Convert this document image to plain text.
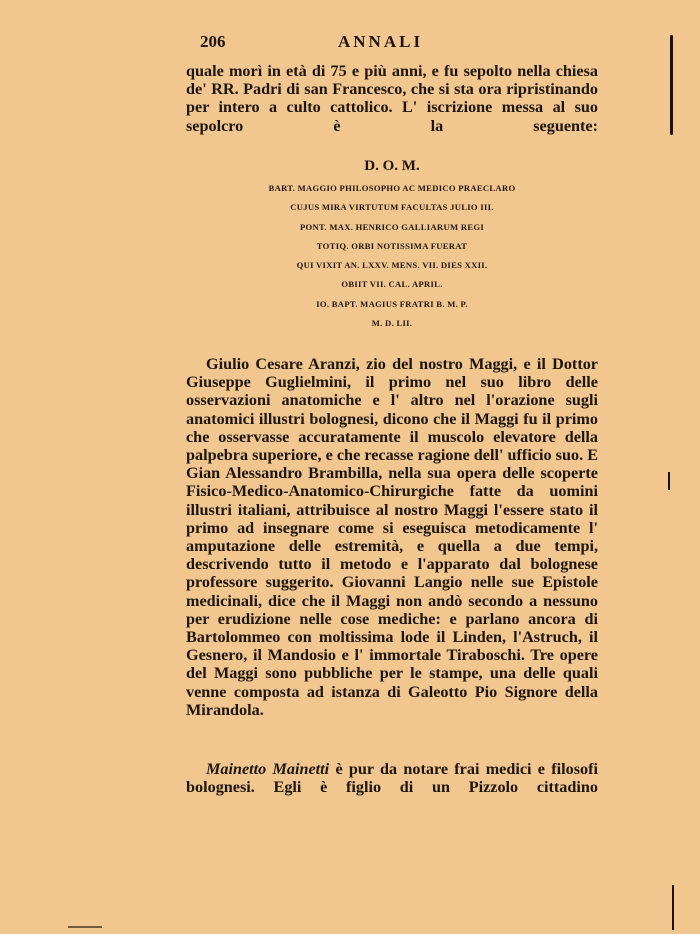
206	ANNALI

quale morì in età di 75 e più anni, e fu sepolto nella chiesa de' RR. Padri di san Francesco, che si sta ora ripristinando per intero a culto cattolico. L' iscrizione messa al suo sepolcro è la seguente:

D. O. M.
BART. MAGGIO PHILOSOPHO AC MEDICO PRAECLARO
CUJUS MIRA VIRTUTUM FACULTAS JULIO III.
PONT. MAX. HENRICO GALLIARUM REGI
TOTIQ. ORBI NOTISSIMA FUERAT
QUI VIXIT AN. LXXV. MENS. VII. DIES XXII.
OBIIT VII. CAL. APRIL.
IO. BAPT. MAGIUS FRATRI B. M. P.
M. D. LII.

Giulio Cesare Aranzi, zio del nostro Maggi, e il Dottor Giuseppe Guglielmini, il primo nel suo libro delle osservazioni anatomiche e l' altro nel l'orazione sugli anatomici illustri bolognesi, dicono che il Maggi fu il primo che osservasse accuratamente il muscolo elevatore della palpebra superiore, e che recasse ragione dell' ufficio suo. E Gian Alessandro Brambilla, nella sua opera delle scoperte Fisico-Medico-Anatomico-Chirurgiche fatte da uomini illustri italiani, attribuisce al nostro Maggi l'essere stato il primo ad insegnare come si eseguisca metodicamente l' amputazione delle estremità, e quella a due tempi, descrivendo tutto il metodo e l'apparato dal bolognese professore suggerito. Giovanni Langio nelle sue Epistole medicinali, dice che il Maggi non andò secondo a nessuno per erudizione nelle cose mediche: e parlano ancora di Bartolommeo con moltissima lode il Linden, l'Astruch, il Gesnero, il Mandosio e l' immortale Tiraboschi. Tre opere del Maggi sono pubbliche per le stampe, una delle quali venne composta ad istanza di Galeotto Pio Signore della Mirandola.

Mainetto Mainetti è pur da notare frai medici e filosofi bolognesi. Egli è figlio di un Pizzolo cittadino
